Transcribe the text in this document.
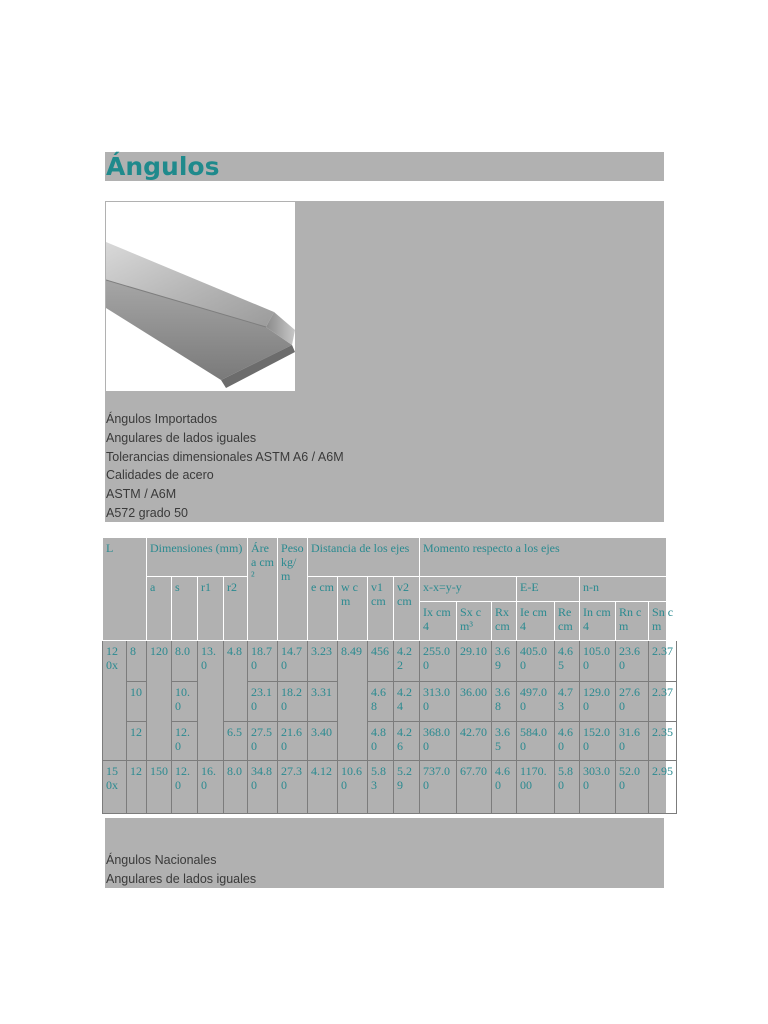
Ángulos
Ángulos Importados
Angulares de lados iguales
Tolerancias dimensionales ASTM A6 / A6M
Calidades de acero
ASTM / A6M
A572 grado 50
L		Dimensiones (mm)				Área cm²	Peso kg/m	Distancia de los ejes				Momento respecto a los ejes							
		a	s	r1	r2			e cm	w cm	v1 cm	v2 cm	x-x=y-y			E-E		n-n		
												Ix cm4	Sx cm³	Rx cm	Ie cm4	Re cm	In cm4	Rn cm	Sn cm
120x	8	120	8.0	13.0	4.8	18.70	14.70	3.23	8.49	456	4.22	255.00	29.10	3.69	405.00	4.65	105.00	23.60	2.37
	10		10.0			23.10	18.20	3.31		4.68	4.24	313.00	36.00	3.68	497.00	4.73	129.00	27.60	2.37
	12		12.0		6.5	27.50	21.60	3.40		4.80	4.26	368.00	42.70	3.65	584.00	4.60	152.00	31.60	2.35
150x	12	150	12.0	16.0	8.0	34.80	27.30	4.12	10.60	5.83	5.29	737.00	67.70	4.60	1170.00	5.80	303.00	52.00	2.95
Ángulos Nacionales
Angulares de lados iguales
